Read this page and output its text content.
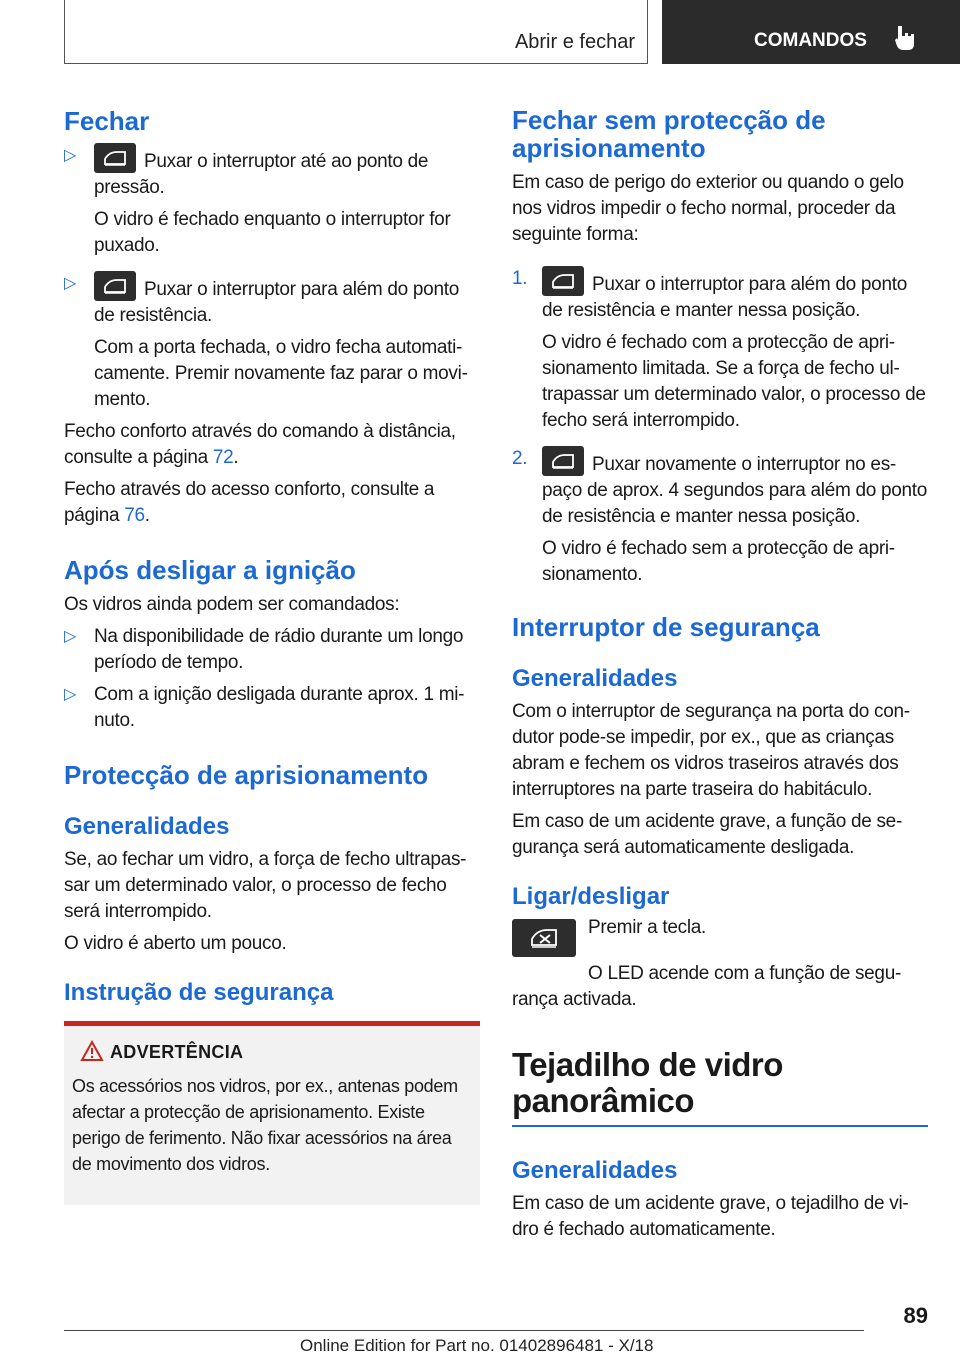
Abrir e fechar	COMANDOS
Fechar
▷	Puxar o interruptor até ao ponto de pressão.

O vidro é fechado enquanto o interruptor for puxado.

▷	Puxar o interruptor para além do ponto de resistência.

Com a porta fechada, o vidro fecha automaticamente. Premir novamente faz parar o movimento.

Fecho conforto através do comando à distância, consulte a página 72.

Fecho através do acesso conforto, consulte a página 76.

Após desligar a ignição

Os vidros ainda podem ser comandados:

▷ Na disponibilidade de rádio durante um longo período de tempo.

▷ Com a ignição desligada durante aprox. 1 minuto.

Protecção de aprisionamento
Generalidades

Se, ao fechar um vidro, a força de fecho ultrapassar um determinado valor, o processo de fecho será interrompido.

O vidro é aberto um pouco.

Instrução de segurança
ADVERTÊNCIA

Os acessórios nos vidros, por ex., antenas podem afectar a protecção de aprisionamento. Existe perigo de ferimento. Não fixar acessórios na área de movimento dos vidros.

Fechar sem protecção de aprisionamento

Em caso de perigo do exterior ou quando o gelo nos vidros impedir o fecho normal, proceder da seguinte forma:

1.	Puxar o interruptor para além do ponto de resistência e manter nessa posição.

O vidro é fechado com a protecção de aprisionamento limitada. Se a força de fecho ultrapassar um determinado valor, o processo de fecho será interrompido.

2.	Puxar novamente o interruptor no espaço de aprox. 4 segundos para além do ponto de resistência e manter nessa posição.

O vidro é fechado sem a protecção de aprisionamento.

Interruptor de segurança
Generalidades

Com o interruptor de segurança na porta do condutor pode-se impedir, por ex., que as crianças abram e fechem os vidros traseiros através dos interruptores na parte traseira do habitáculo.

Em caso de um acidente grave, a função de segurança será automaticamente desligada.

Ligar/desligar

Premir a tecla.

O LED acende com a função de segurança activada.

Tejadilho de vidro panorâmico
Generalidades

Em caso de um acidente grave, o tejadilho de vidro é fechado automaticamente.

89
Online Edition for Part no. 01402896481 - X/18
